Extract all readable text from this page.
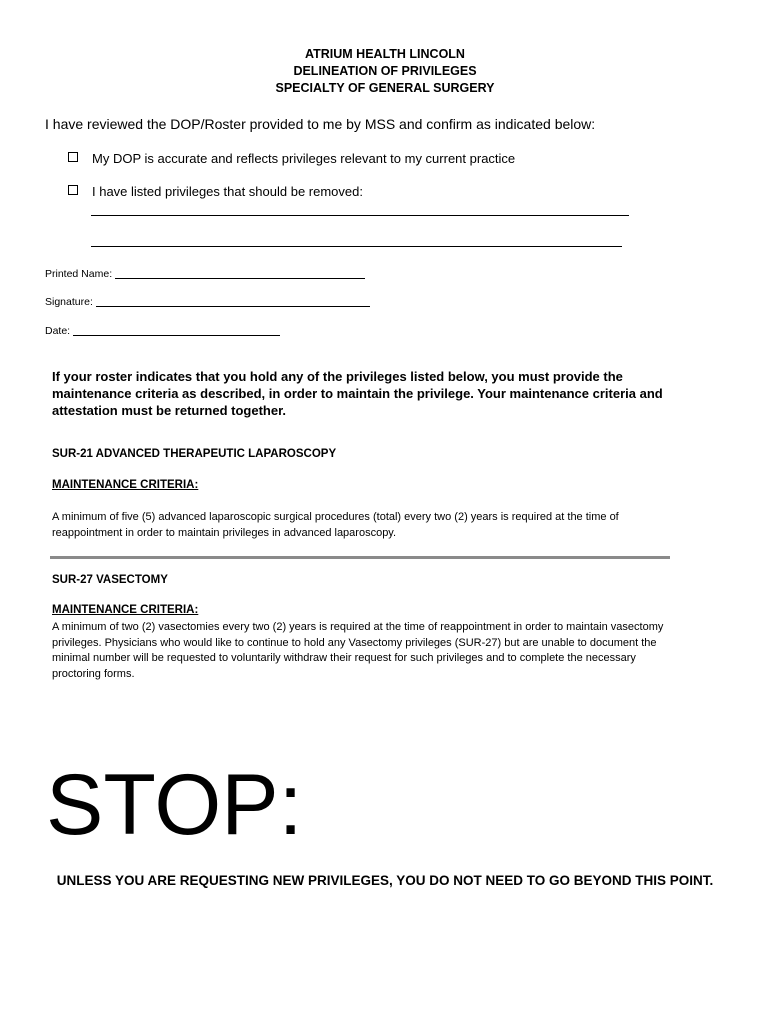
ATRIUM HEALTH LINCOLN
DELINEATION OF PRIVILEGES
SPECIALTY OF GENERAL SURGERY
I have reviewed the DOP/Roster provided to me by MSS and confirm as indicated below:
My DOP is accurate and reflects privileges relevant to my current practice
I have listed privileges that should be removed:
Printed Name:
Signature:
Date:
If your roster indicates that you hold any of the privileges listed below, you must provide the maintenance criteria as described, in order to maintain the privilege. Your maintenance criteria and attestation must be returned together.
SUR-21 ADVANCED THERAPEUTIC LAPAROSCOPY
MAINTENANCE CRITERIA:
A minimum of five (5) advanced laparoscopic surgical procedures (total) every two (2) years is required at the time of reappointment in order to maintain privileges in advanced laparoscopy.
SUR-27 VASECTOMY
MAINTENANCE CRITERIA:
A minimum of two (2) vasectomies every two (2) years is required at the time of reappointment in order to maintain vasectomy privileges. Physicians who would like to continue to hold any Vasectomy privileges (SUR-27) but are unable to document the minimal number will be requested to voluntarily withdraw their request for such privileges and to complete the necessary proctoring forms.
STOP:
UNLESS YOU ARE REQUESTING NEW PRIVILEGES, YOU DO NOT NEED TO GO BEYOND THIS POINT.
